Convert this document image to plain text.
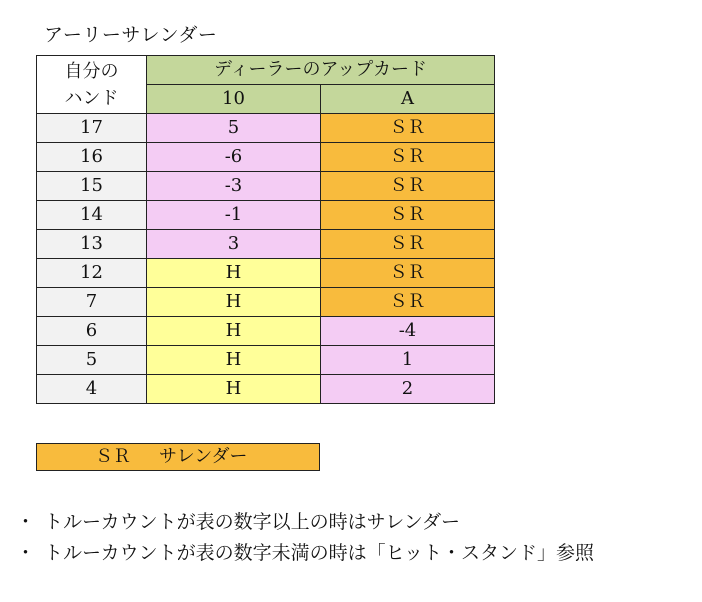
アーリーサレンダー
自分の
ハンド	ディーラーのアップカード	
	10	A
17	5	ＳＲ
16	-6	ＳＲ
15	-3	ＳＲ
14	-1	ＳＲ
13	3	ＳＲ
12	H	ＳＲ
7	H	ＳＲ
6	H	-4
5	H	1
4	H	2
ＳＲ サレンダー
・ トルーカウントが表の数字以上の時はサレンダー
・ トルーカウントが表の数字未満の時は「ヒット・スタンド」参照
